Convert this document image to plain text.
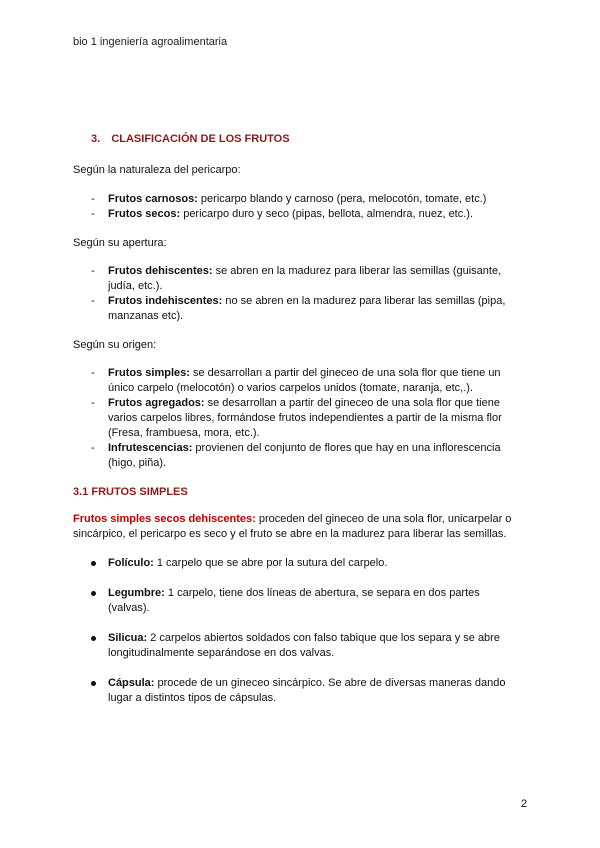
bio 1 ingeniería agroalimentaria
3. CLASIFICACIÓN DE LOS FRUTOS
Según la naturaleza del pericarpo:
- Frutos carnosos: pericarpo blando y carnoso (pera, melocotón, tomate, etc.)
- Frutos secos: pericarpo duro y seco (pipas, bellota, almendra, nuez, etc.).
Según su apertura:
- Frutos dehiscentes: se abren en la madurez para liberar las semillas (guisante, judía, etc.).
- Frutos indehiscentes: no se abren en la madurez para liberar las semillas (pipa, manzanas etc).
Según su origen:
- Frutos simples: se desarrollan a partir del gineceo de una sola flor que tiene un único carpelo (melocotón) o varios carpelos unidos (tomate, naranja, etc,.).
- Frutos agregados: se desarrollan a partir del gineceo de una sola flor que tiene varios carpelos libres, formándose frutos independientes a partir de la misma flor (Fresa, frambuesa, mora, etc.).
- Infrutescencias: provienen del conjunto de flores que hay en una inflorescencia (higo, piña).
3.1 FRUTOS SIMPLES
Frutos simples secos dehiscentes: proceden del gineceo de una sola flor, unicarpelar o sincárpico, el pericarpo es seco y el fruto se abre en la madurez para liberar las semillas.
Folículo: 1 carpelo que se abre por la sutura del carpelo.
Legumbre: 1 carpelo, tiene dos líneas de abertura, se separa en dos partes (valvas).
Silicua: 2 carpelos abiertos soldados con falso tabique que los separa y se abre longitudinalmente separándose en dos valvas.
Cápsula: procede de un gineceo sincárpico. Se abre de diversas maneras dando lugar a distintos tipos de cápsulas.
2
